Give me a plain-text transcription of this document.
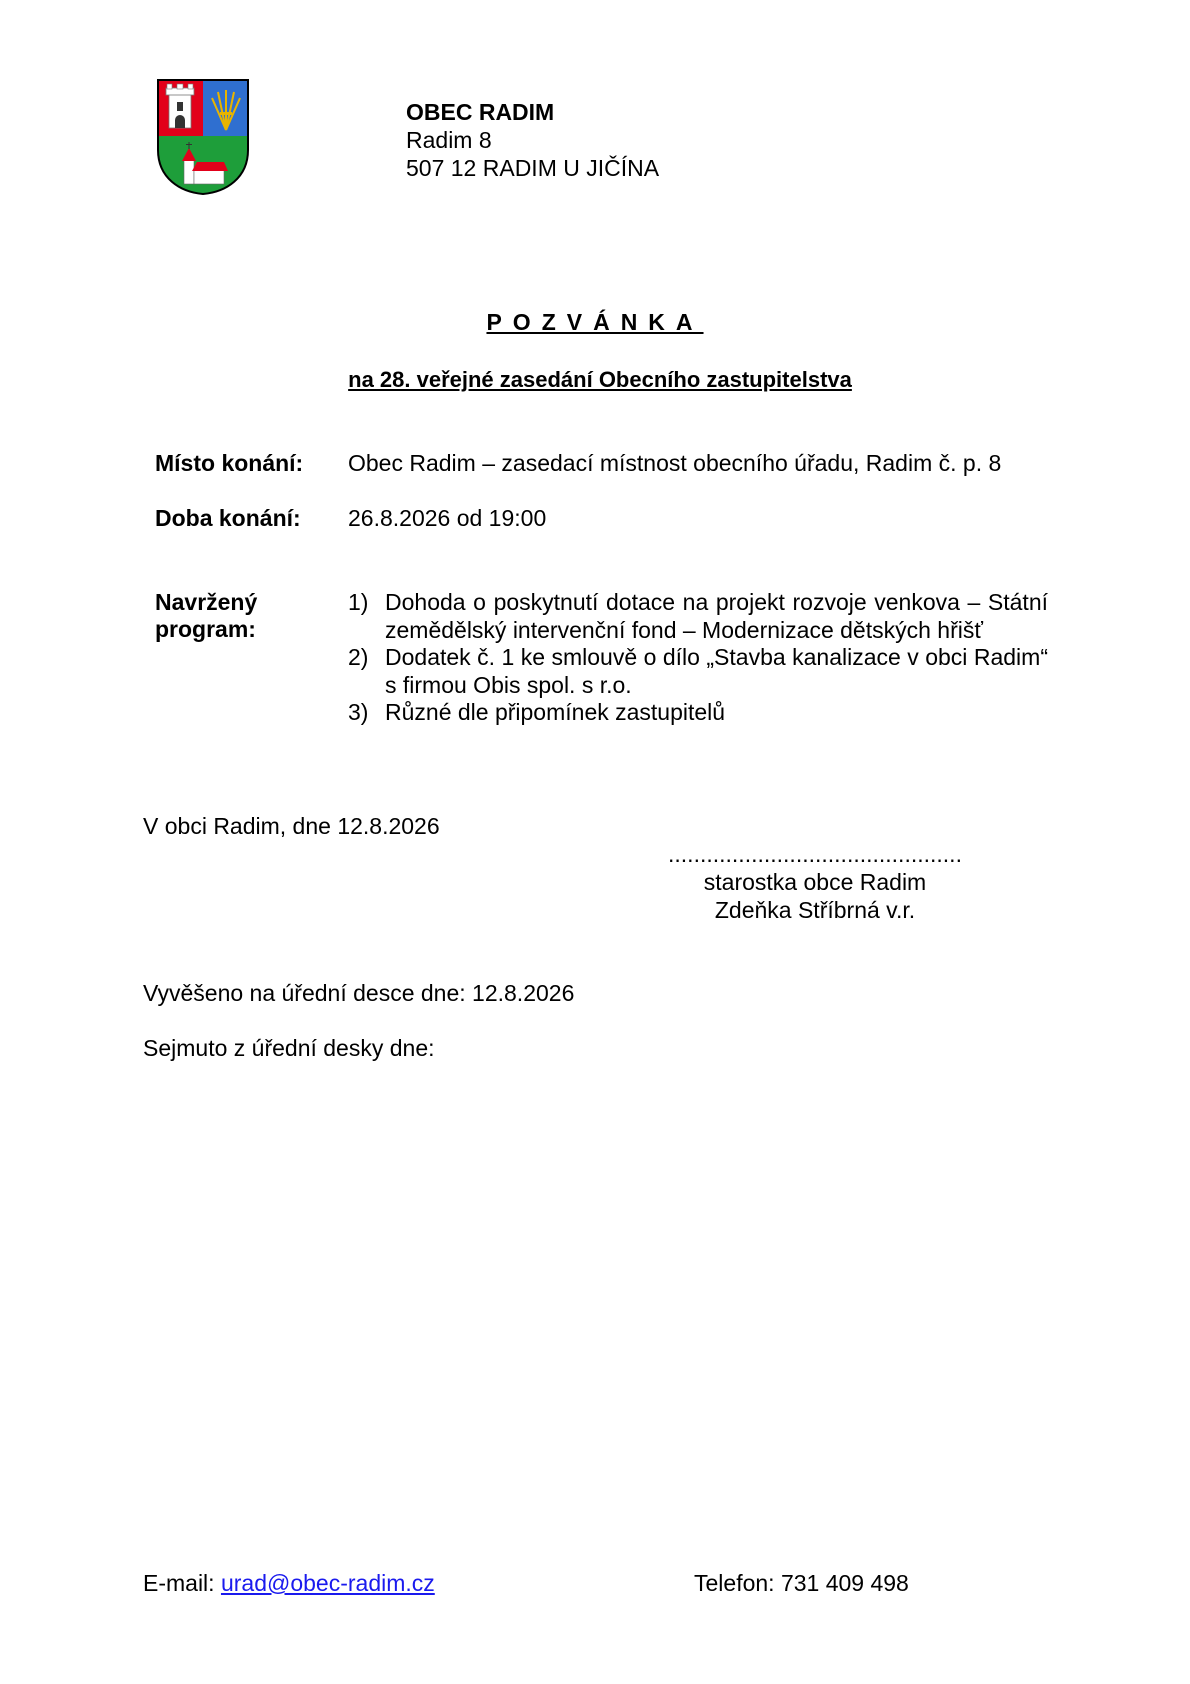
OBEC RADIM
Radim 8
507 12 RADIM U JIČÍNA
POZVÁNKA
na 28. veřejné zasedání Obecního zastupitelstva
Místo konání: Obec Radim – zasedací místnost obecního úřadu, Radim č. p. 8
Doba konání: 26.8.2026 od 19:00
Navržený
program:
1) Dohoda o poskytnutí dotace na projekt rozvoje venkova – Státní zemědělský intervenční fond – Modernizace dětských hřišť
2) Dodatek č. 1 ke smlouvě o dílo „Stavba kanalizace v obci Radim“ s firmou Obis spol. s r.o.
3) Různé dle připomínek zastupitelů
V obci Radim, dne 12.8.2026
..............................................
starostka obce Radim
Zdeňka Stříbrná v.r.
Vyvěšeno na úřední desce dne: 12.8.2026
Sejmuto z úřední desky dne:
E-mail: urad@obec-radim.cz	Telefon: 731 409 498
